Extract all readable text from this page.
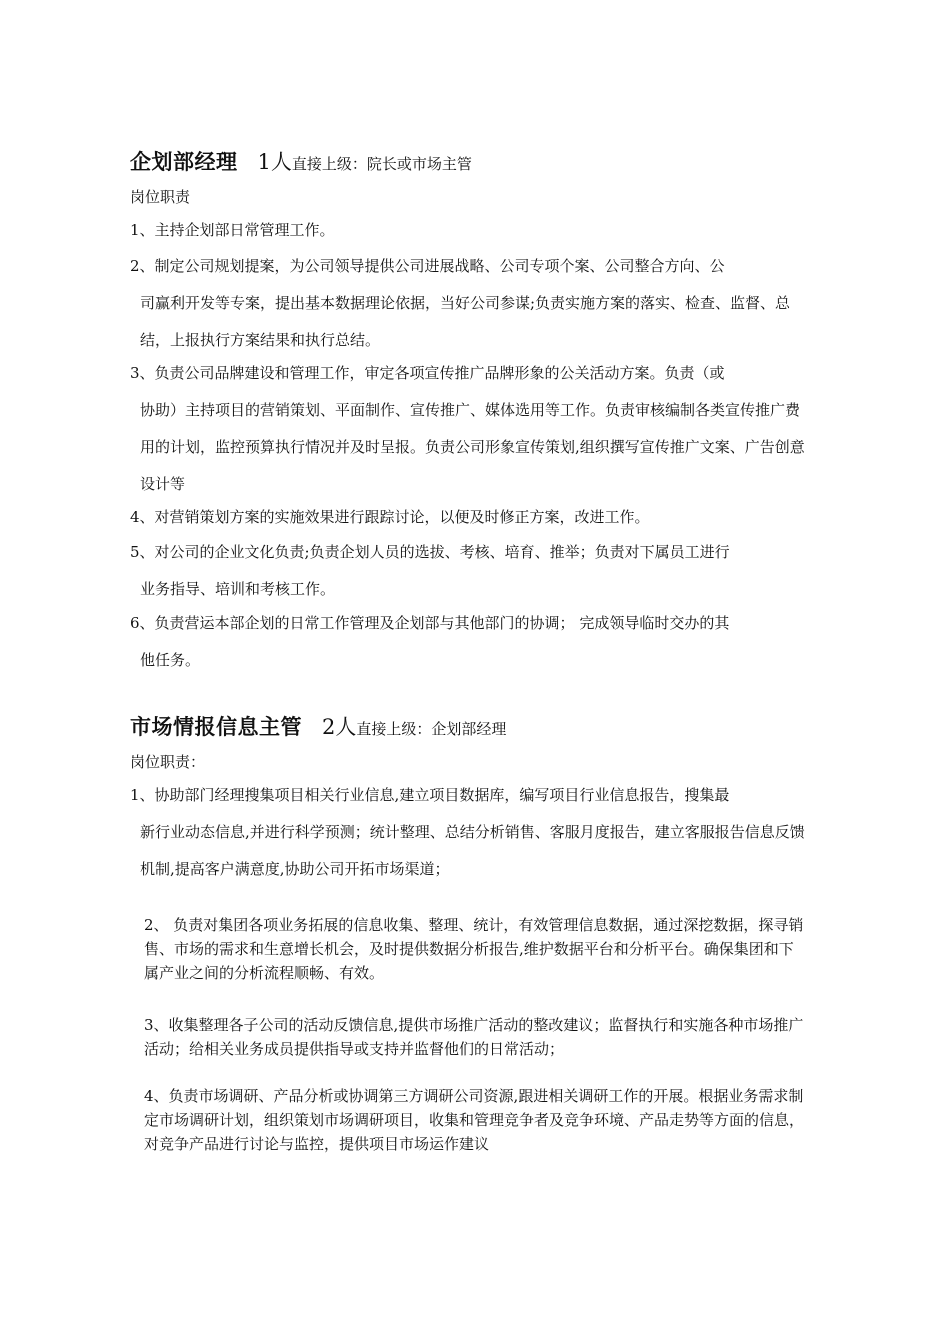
企划部经理 1人直接上级：院长或市场主管
岗位职责
1、主持企划部日常管理工作。
2、制定公司规划提案，为公司领导提供公司进展战略、公司专项个案、公司整合方向、公
司赢利开发等专案，提出基本数据理论依据，当好公司参谋;负责实施方案的落实、检查、监督、总结，上报执行方案结果和执行总结。
3、负责公司品牌建设和管理工作，审定各项宣传推广品牌形象的公关活动方案。负责（或
协助）主持项目的营销策划、平面制作、宣传推广、媒体选用等工作。负责审核编制各类宣传推广费用的计划，监控预算执行情况并及时呈报。负责公司形象宣传策划,组织撰写宣传推广文案、广告创意设计等
4、对营销策划方案的实施效果进行跟踪讨论，以便及时修正方案，改进工作。
5、对公司的企业文化负责;负责企划人员的选拔、考核、培育、推举；负责对下属员工进行
业务指导、培训和考核工作。
6、负责营运本部企划的日常工作管理及企划部与其他部门的协调； 完成领导临时交办的其
他任务。
市场情报信息主管 2人直接上级：企划部经理
岗位职责：
1、协助部门经理搜集项目相关行业信息,建立项目数据库，编写项目行业信息报告，搜集最
新行业动态信息,并进行科学预测；统计整理、总结分析销售、客服月度报告，建立客服报告信息反馈机制,提高客户满意度,协助公司开拓市场渠道；
2、 负责对集团各项业务拓展的信息收集、整理、统计，有效管理信息数据，通过深挖数据，探寻销售、市场的需求和生意增长机会，及时提供数据分析报告,维护数据平台和分析平台。确保集团和下属产业之间的分析流程顺畅、有效。
3、收集整理各子公司的活动反馈信息,提供市场推广活动的整改建议；监督执行和实施各种市场推广活动；给相关业务成员提供指导或支持并监督他们的日常活动；
4、负责市场调研、产品分析或协调第三方调研公司资源,跟进相关调研工作的开展。根据业务需求制定市场调研计划，组织策划市场调研项目，收集和管理竞争者及竞争环境、产品走势等方面的信息，对竞争产品进行讨论与监控，提供项目市场运作建议
